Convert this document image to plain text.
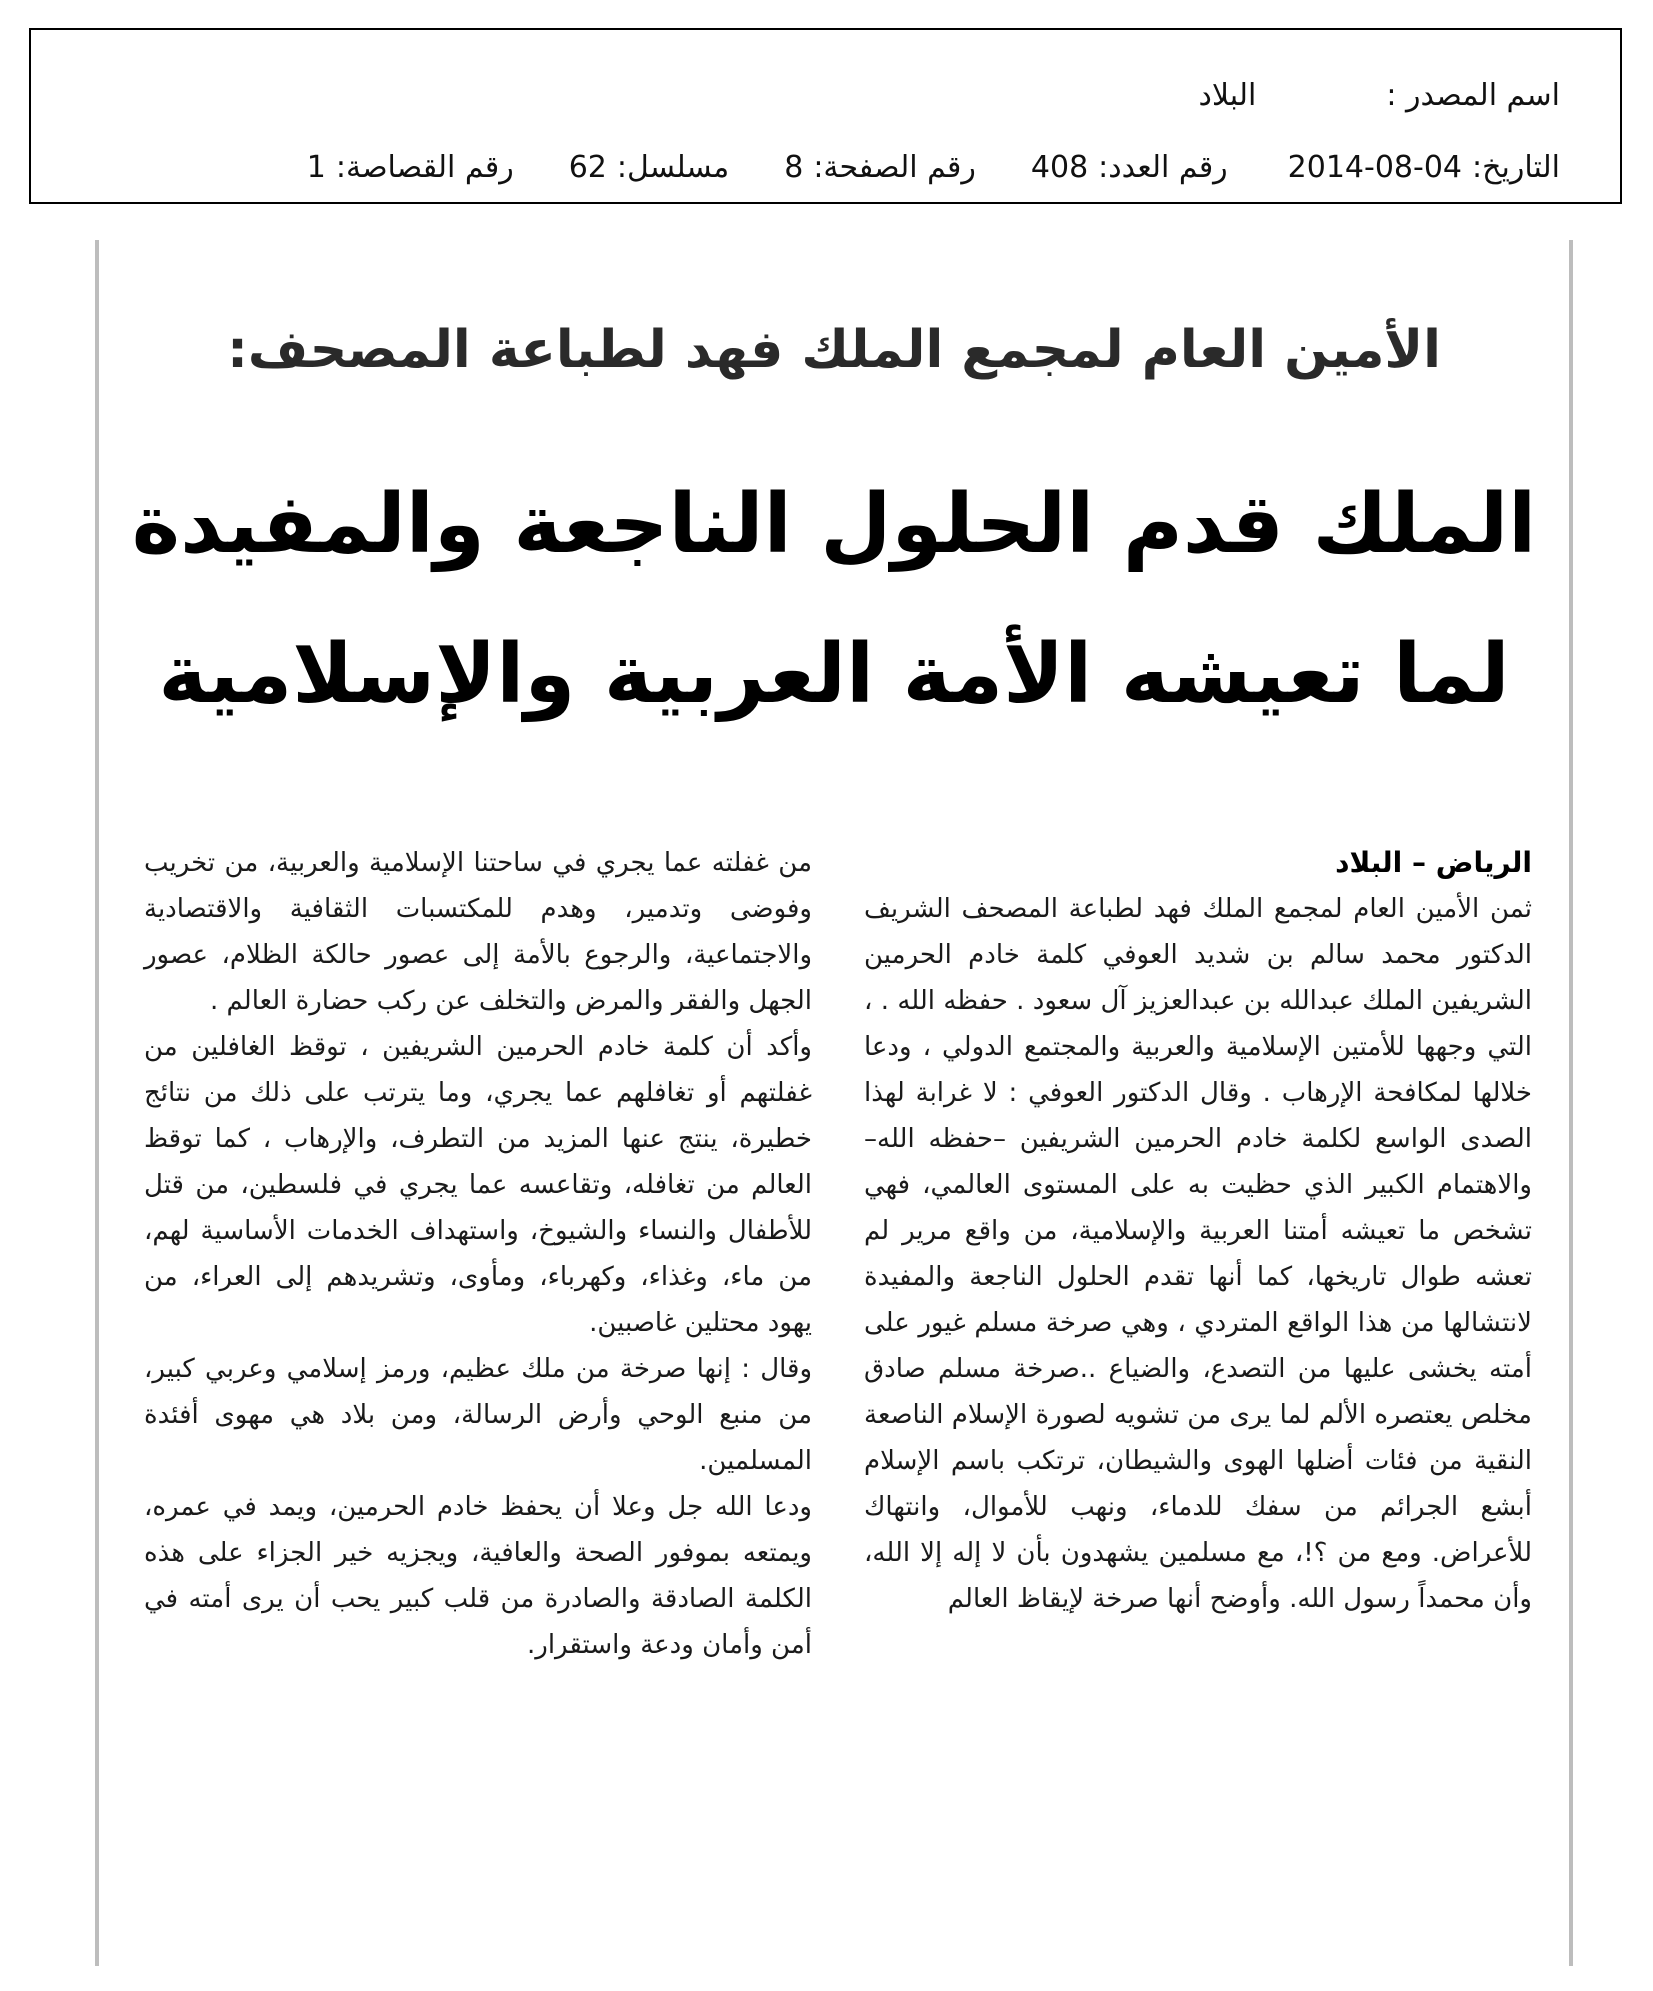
اسم المصدر :
البلاد
التاريخ:
2014-08-04
رقم العدد:
408
رقم الصفحة:
8
مسلسل:
62
رقم القصاصة:
1
الأمين العام لمجمع الملك فهد لطباعة المصحف:
الملك قدم الحلول الناجعة والمفيدة
لما تعيشه الأمة العربية والإسلامية
الرياض – البلاد

ثمن الأمين العام لمجمع الملك فهد لطباعة المصحف الشريف الدكتور محمد سالم بن شديد العوفي كلمة خادم الحرمين الشريفين الملك عبدالله بن عبدالعزيز آل سعود . حفظه الله . ، التي وجهها للأمتين الإسلامية والعربية والمجتمع الدولي ، ودعا خلالها لمكافحة الإرهاب . وقال الدكتور العوفي : لا غرابة لهذا الصدى الواسع لكلمة خادم الحرمين الشريفين –حفظه الله– والاهتمام الكبير الذي حظيت به على المستوى العالمي، فهي تشخص ما تعيشه أمتنا العربية والإسلامية، من واقع مرير لم تعشه طوال تاريخها، كما أنها تقدم الحلول الناجعة والمفيدة لانتشالها من هذا الواقع المتردي ، وهي صرخة مسلم غيور على أمته يخشى عليها من التصدع، والضياع ..صرخة مسلم صادق مخلص يعتصره الألم لما يرى من تشويه لصورة الإسلام الناصعة النقية من فئات أضلها الهوى والشيطان، ترتكب باسم الإسلام أبشع الجرائم من سفك للدماء، ونهب للأموال، وانتهاك للأعراض. ومع من ؟!، مع مسلمين يشهدون بأن لا إله إلا الله، وأن محمداً رسول الله. وأوضح أنها صرخة لإيقاظ العالم

من غفلته عما يجري في ساحتنا الإسلامية والعربية، من تخريب وفوضى وتدمير، وهدم للمكتسبات الثقافية والاقتصادية والاجتماعية، والرجوع بالأمة إلى عصور حالكة الظلام، عصور الجهل والفقر والمرض والتخلف عن ركب حضارة العالم .

وأكد أن كلمة خادم الحرمين الشريفين ، توقظ الغافلين من غفلتهم أو تغافلهم عما يجري، وما يترتب على ذلك من نتائج خطيرة، ينتج عنها المزيد من التطرف، والإرهاب ، كما توقظ العالم من تغافله، وتقاعسه عما يجري في فلسطين، من قتل للأطفال والنساء والشيوخ، واستهداف الخدمات الأساسية لهم، من ماء، وغذاء، وكهرباء، ومأوى، وتشريدهم إلى العراء، من يهود محتلين غاصبين.

وقال : إنها صرخة من ملك عظيم، ورمز إسلامي وعربي كبير، من منبع الوحي وأرض الرسالة، ومن بلاد هي مهوى أفئدة المسلمين.

ودعا الله جل وعلا أن يحفظ خادم الحرمين، ويمد في عمره، ويمتعه بموفور الصحة والعافية، ويجزيه خير الجزاء على هذه الكلمة الصادقة والصادرة من قلب كبير يحب أن يرى أمته في أمن وأمان ودعة واستقرار.
